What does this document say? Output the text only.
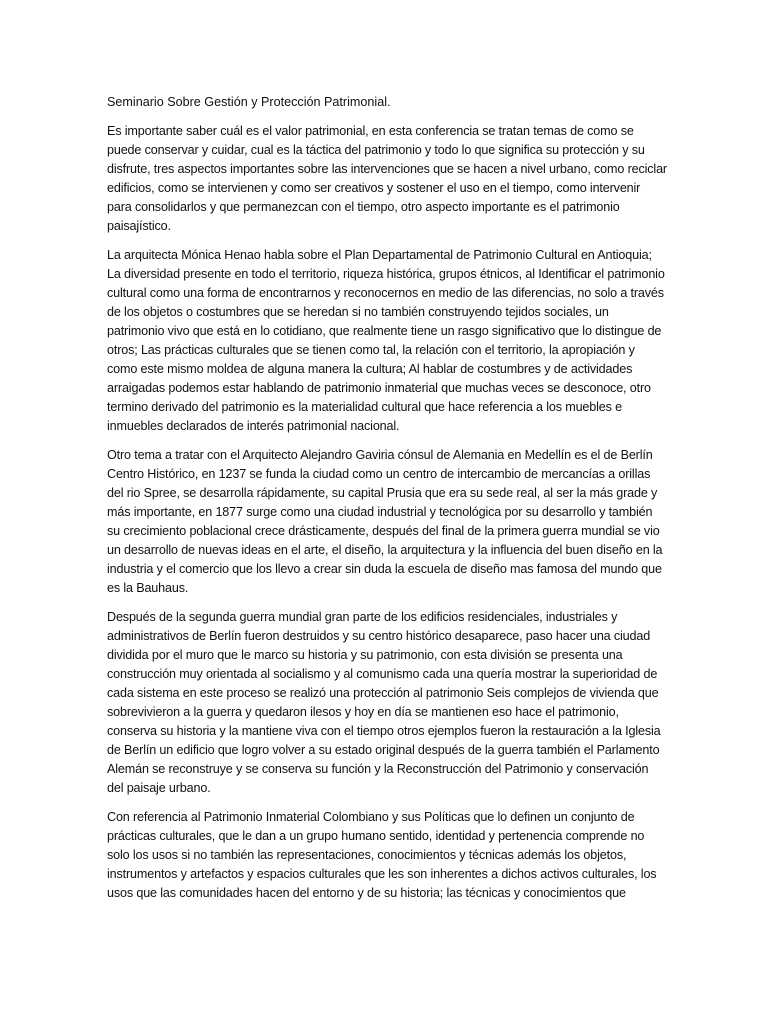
Seminario Sobre Gestión y Protección Patrimonial.

Es importante saber cuál es el valor patrimonial, en esta conferencia se tratan temas de como se puede conservar y cuidar, cual es la táctica del patrimonio y todo lo que significa su protección y su disfrute, tres aspectos importantes sobre las intervenciones que se hacen a nivel urbano, como reciclar edificios, como se intervienen y como ser creativos y sostener el uso en el tiempo, como intervenir para consolidarlos y que permanezcan con el tiempo, otro aspecto importante es el patrimonio paisajístico.

La arquitecta Mónica Henao habla sobre el Plan Departamental de Patrimonio Cultural en Antioquia; La diversidad presente en todo el territorio, riqueza histórica, grupos étnicos, al Identificar el patrimonio cultural como una forma de encontrarnos y reconocernos en medio de las diferencias, no solo a través de los objetos o costumbres que se heredan si no también construyendo tejidos sociales, un patrimonio vivo que está en lo cotidiano, que realmente tiene un rasgo significativo que lo distingue de otros; Las prácticas culturales que se tienen como tal, la relación con el territorio, la apropiación y como este mismo moldea de alguna manera la cultura; Al hablar de costumbres y de actividades arraigadas podemos estar hablando de patrimonio inmaterial que muchas veces se desconoce, otro termino derivado del patrimonio es la materialidad cultural que hace referencia a los muebles e inmuebles declarados de interés patrimonial nacional.

Otro tema a tratar con el Arquitecto Alejandro Gaviria cónsul de Alemania en Medellín es el de Berlín Centro Histórico, en 1237 se funda la ciudad como un centro de intercambio de mercancías a orillas del rio Spree, se desarrolla rápidamente, su capital Prusia que era su sede real, al ser la más grade y más importante, en 1877 surge como una ciudad industrial y tecnológica por su desarrollo y también su crecimiento poblacional crece drásticamente, después del final de la primera guerra mundial se vio un desarrollo de nuevas ideas en el arte, el diseño, la arquitectura y la influencia del buen diseño en la industria y el comercio que los llevo a crear sin duda la escuela de diseño mas famosa del mundo que es la Bauhaus.

Después de la segunda guerra mundial gran parte de los edificios residenciales, industriales y administrativos de Berlín fueron destruidos y su centro histórico desaparece, paso hacer una ciudad dividida por el muro que le marco su historia y su patrimonio, con esta división se presenta una construcción muy orientada al socialismo y al comunismo cada una quería mostrar la superioridad de cada sistema en este proceso se realizó una protección al patrimonio Seis complejos de vivienda que sobrevivieron a la guerra y quedaron ilesos y hoy en día se mantienen eso hace el patrimonio, conserva su historia y la mantiene viva con el tiempo otros ejemplos fueron la restauración a la Iglesia de Berlín un edificio que logro volver a su estado original después de la guerra también el Parlamento Alemán se reconstruye y se conserva su función y la Reconstrucción del Patrimonio y conservación del paisaje urbano.

Con referencia al Patrimonio Inmaterial Colombiano y sus Políticas que lo definen un conjunto de prácticas culturales, que le dan a un grupo humano sentido, identidad y pertenencia comprende no solo los usos si no también las representaciones, conocimientos y técnicas además los objetos, instrumentos y artefactos y espacios culturales que les son inherentes a dichos activos culturales, los usos que las comunidades hacen del entorno y de su historia; las técnicas y conocimientos que
